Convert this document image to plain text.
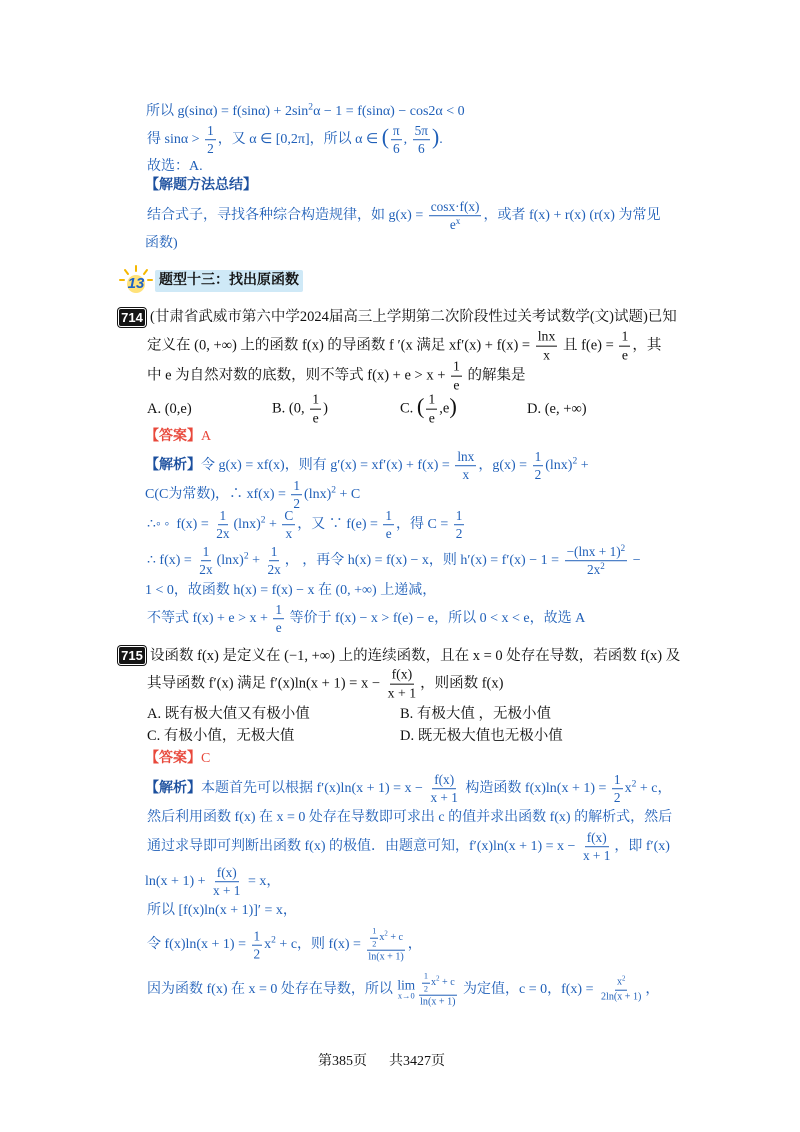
所以 $g(\sin\alpha) = f(\sin\alpha) + 2\sin^2\alpha - 1 = f(\sin\alpha) - \cos 2\alpha < 0$
得 $\sin\alpha > \frac{1}{2}$ ，又 α ∈ [0,2π]，所以 α ∈ ( $\frac{\pi}{6}$ , $\frac{5\pi}{6}$ ).
故选：A.
【解题方法总结】
结合式子，寻找各种综合构造规律，如 $g(x) = \frac{\cos x\cdot f(x)}{e^x}$ ，或者 f(x) + r(x) (r(x) 为常见
函数)
13	题型十三：找出原函数
714 (甘肃省武威市第六中学2024届高三上学期第二次阶段性过关考试数学(文)试题)已知
定义在 (0, +∞) 上的函数 f(x) 的导函数 f ′(x 满足 $xf'(x) + f(x) = \frac{\ln x}{x}$ 且 $f(e) = \frac{1}{e}$ ，其
中 e 为自然对数的底数，则不等式 $f(x) + e > x + \frac{1}{e}$ 的解集是
A. (0,e)	B. (0, $\frac{1}{e}$ )	C. ( $\frac{1}{e} ,e$)	D. (e, +∞)
【答案】A
【解析】令 g(x) = xf(x)，则有 $g'(x) = xf'(x) + f(x) = \frac{\ln x}{x}$ ，$g(x) = \frac{1}{2} (\ln x)^2$ +
C(C为常数)，∴ $xf(x) = \frac{1}{2} (\ln x)^2 + C$
∴◦ ◦  $f(x) = \frac{1}{2x} (\ln x)^2 + \frac{C}{x}$ ，又 ∵ $f(e) = \frac{1}{e}$ ，得 $C = \frac{1}{2}$
∴ $f(x) = \frac{1}{2x} (\ln x)^2 + \frac{1}{2x}$ ， ，再令 h(x) = f(x) − x，则 $h'(x) = f'(x) - 1 = \frac{-(\ln x + 1)^2}{2x^2}$ −
1 < 0，故函数 h(x) = f(x) − x 在 (0, +∞) 上递减，
不等式 $f(x) + e > x + \frac{1}{e}$ 等价于 f(x) − x > f(e) − e，所以 0 < x < e，故选 A
715 设函数 f(x) 是定义在 (−1, +∞) 上的连续函数，且在 x = 0 处存在导数，若函数 f(x) 及
其导函数 f′(x) 满足 $f'(x)\ln(x + 1) = x - \frac{f(x)}{x + 1}$ ，则函数 f(x)
A. 既有极大值又有极小值	B. 有极大值 ，无极小值
C. 有极小值，无极大值	D. 既无极大值也无极小值
【答案】C
【解析】本题首先可以根据 $f'(x)\ln(x + 1) = x - \frac{f(x)}{x + 1}$ 构造函数 $f(x)\ln(x + 1) = \frac{1}{2} x^2 + c$，
然后利用函数 f(x) 在 x = 0 处存在导数即可求出 c 的值并求出函数 f(x) 的解析式，然后
通过求导即可判断出函数 f(x) 的极值．由题意可知，$f'(x)\ln(x + 1) = x - \frac{f(x)}{x + 1}$ ，即 f′(x)
$\ln(x + 1) + \frac{f(x)}{x + 1} = x$，
所以 [f(x)ln(x + 1)]′ = x，
令 $f(x)\ln(x + 1) = \frac{1}{2} x^2 + c$，则 $f(x) = \frac{\frac{1}{2} x^2 + c}{\ln(x + 1)}$ ，
因为函数 f(x) 在 x = 0 处存在导数，所以 lim
$x\to 0 \frac{\frac{1}{2} x^2 + c}{\ln(x + 1)}$ 为定值，c = 0，$f(x) = \frac{x^2}{2\ln(x + 1)}$ ，
第385页 共3427页
